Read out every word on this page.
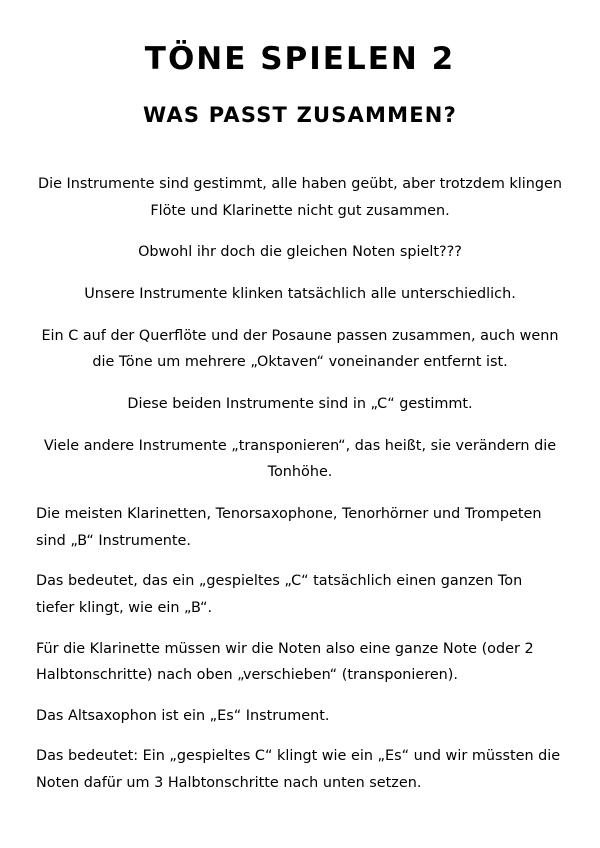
TÖNE SPIELEN 2
WAS PASST ZUSAMMEN?

Die Instrumente sind gestimmt, alle haben geübt, aber trotzdem klingen Flöte und Klarinette nicht gut zusammen.

Obwohl ihr doch die gleichen Noten spielt???

Unsere Instrumente klinken tatsächlich alle unterschiedlich.

Ein C auf der Querflöte und der Posaune passen zusammen, auch wenn die Töne um mehrere „Oktaven“ voneinander entfernt ist.

Diese beiden Instrumente sind in „C“ gestimmt.

Viele andere Instrumente „transponieren“, das heißt, sie verändern die Tonhöhe.

Die meisten Klarinetten, Tenorsaxophone, Tenorhörner und Trompeten sind „B“ Instrumente.

Das bedeutet, das ein „gespieltes „C“ tatsächlich einen ganzen Ton tiefer klingt, wie ein „B“.

Für die Klarinette müssen wir die Noten also eine ganze Note (oder 2 Halbtonschritte) nach oben „verschieben“ (transponieren).

Das Altsaxophon ist ein „Es“ Instrument.

Das bedeutet: Ein „gespieltes C“ klingt wie ein „Es“ und wir müssten die Noten dafür um 3 Halbtonschritte nach unten setzen.
